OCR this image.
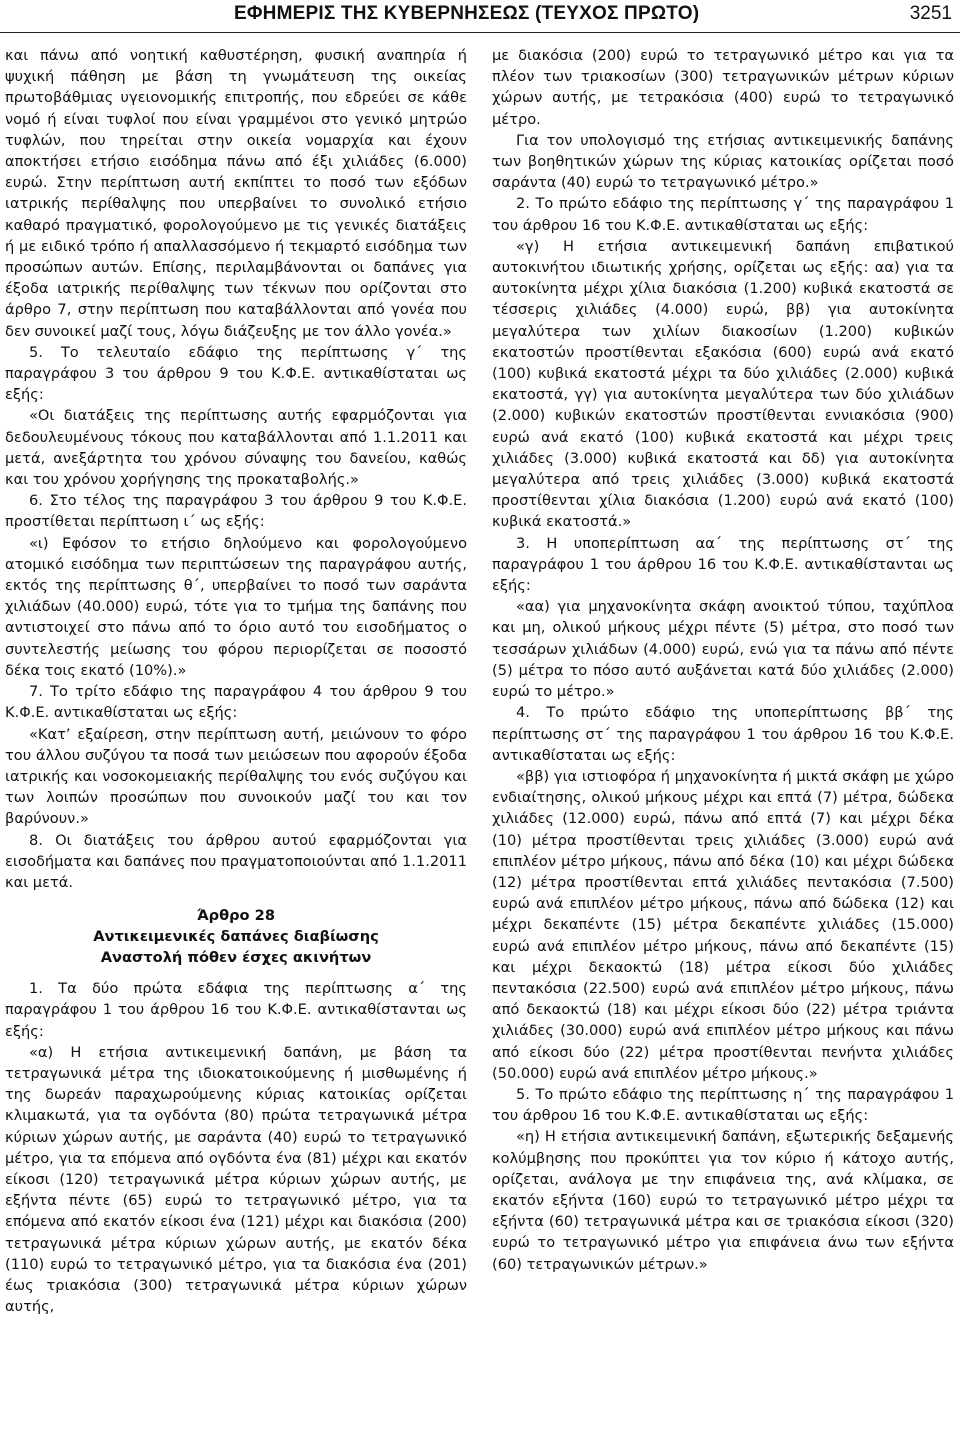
ΕΦΗΜΕΡΙΣ ΤΗΣ ΚΥΒΕΡΝΗΣΕΩΣ (ΤΕΥΧΟΣ ΠΡΩΤΟ)	3251

και πάνω από νοητική καθυστέρηση, φυσική αναπηρία ή ψυχική πάθηση με βάση τη γνωμάτευση της οικείας πρωτοβάθμιας υγειονομικής επιτροπής, που εδρεύει σε κάθε νομό ή είναι τυφλοί που είναι γραμμένοι στο γενικό μητρώο τυφλών, που τηρείται στην οικεία νομαρχία και έχουν αποκτήσει ετήσιο εισόδημα πάνω από έξι χιλιάδες (6.000) ευρώ. Στην περίπτωση αυτή εκπίπτει το ποσό των εξόδων ιατρικής περίθαλψης που υπερβαίνει το συνολικό ετήσιο καθαρό πραγματικό, φορολογούμενο με τις γενικές διατάξεις ή με ειδικό τρόπο ή απαλλασσόμενο ή τεκμαρτό εισόδημα των προσώπων αυτών. Επίσης, περιλαμβάνονται οι δαπάνες για έξοδα ιατρικής περίθαλψης των τέκνων που ορίζονται στο άρθρο 7, στην περίπτωση που καταβάλλονται από γονέα που δεν συνοικεί μαζί τους, λόγω διάζευξης με τον άλλο γονέα.»

5. Το τελευταίο εδάφιο της περίπτωσης γ΄ της παραγράφου 3 του άρθρου 9 του Κ.Φ.Ε. αντικαθίσταται ως εξής:

«Οι διατάξεις της περίπτωσης αυτής εφαρμόζονται για δεδουλευμένους τόκους που καταβάλλονται από 1.1.2011 και μετά, ανεξάρτητα του χρόνου σύναψης του δανείου, καθώς και του χρόνου χορήγησης της προκαταβολής.»

6. Στο τέλος της παραγράφου 3 του άρθρου 9 του Κ.Φ.Ε. προστίθεται περίπτωση ι΄ ως εξής:

«ι) Εφόσον το ετήσιο δηλούμενο και φορολογούμενο ατομικό εισόδημα των περιπτώσεων της παραγράφου αυτής, εκτός της περίπτωσης θ΄, υπερβαίνει το ποσό των σαράντα χιλιάδων (40.000) ευρώ, τότε για το τμήμα της δαπάνης που αντιστοιχεί στο πάνω από το όριο αυτό του εισοδήματος ο συντελεστής μείωσης του φόρου περιορίζεται σε ποσοστό δέκα τοις εκατό (10%).»

7. Το τρίτο εδάφιο της παραγράφου 4 του άρθρου 9 του Κ.Φ.Ε. αντικαθίσταται ως εξής:

«Κατ’ εξαίρεση, στην περίπτωση αυτή, μειώνουν το φόρο του άλλου συζύγου τα ποσά των μειώσεων που αφορούν έξοδα ιατρικής και νοσοκομειακής περίθαλψης του ενός συζύγου και των λοιπών προσώπων που συνοικούν μαζί του και τον βαρύνουν.»

8. Οι διατάξεις του άρθρου αυτού εφαρμόζονται για εισοδήματα και δαπάνες που πραγματοποιούνται από 1.1.2011 και μετά.

Άρθρο 28
Αντικειμενικές δαπάνες διαβίωσης
Αναστολή πόθεν έσχες ακινήτων

1. Τα δύο πρώτα εδάφια της περίπτωσης α΄ της παραγράφου 1 του άρθρου 16 του Κ.Φ.Ε. αντικαθίστανται ως εξής:

«α) Η ετήσια αντικειμενική δαπάνη, με βάση τα τετραγωνικά μέτρα της ιδιοκατοικούμενης ή μισθωμένης ή της δωρεάν παραχωρούμενης κύριας κατοικίας ορίζεται κλιμακωτά, για τα ογδόντα (80) πρώτα τετραγωνικά μέτρα κύριων χώρων αυτής, με σαράντα (40) ευρώ το τετραγωνικό μέτρο, για τα επόμενα από ογδόντα ένα (81) μέχρι και εκατόν είκοσι (120) τετραγωνικά μέτρα κύριων χώρων αυτής, με εξήντα πέντε (65) ευρώ το τετραγωνικό μέτρο, για τα επόμενα από εκατόν είκοσι ένα (121) μέχρι και διακόσια (200) τετραγωνικά μέτρα κύριων χώρων αυτής, με εκατόν δέκα (110) ευρώ το τετραγωνικό μέτρο, για τα διακόσια ένα (201) έως τριακόσια (300) τετραγωνικά μέτρα κύριων χώρων αυτής,

με διακόσια (200) ευρώ το τετραγωνικό μέτρο και για τα πλέον των τριακοσίων (300) τετραγωνικών μέτρων κύριων χώρων αυτής, με τετρακόσια (400) ευρώ το τετραγωνικό μέτρο.

Για τον υπολογισμό της ετήσιας αντικειμενικής δαπάνης των βοηθητικών χώρων της κύριας κατοικίας ορίζεται ποσό σαράντα (40) ευρώ το τετραγωνικό μέτρο.»

2. Το πρώτο εδάφιο της περίπτωσης γ΄ της παραγράφου 1 του άρθρου 16 του Κ.Φ.Ε. αντικαθίσταται ως εξής:

«γ) Η ετήσια αντικειμενική δαπάνη επιβατικού αυτοκινήτου ιδιωτικής χρήσης, ορίζεται ως εξής: αα) για τα αυτοκίνητα μέχρι χίλια διακόσια (1.200) κυβικά εκατοστά σε τέσσερις χιλιάδες (4.000) ευρώ, ββ) για αυτοκίνητα μεγαλύτερα των χιλίων διακοσίων (1.200) κυβικών εκατοστών προστίθενται εξακόσια (600) ευρώ ανά εκατό (100) κυβικά εκατοστά μέχρι τα δύο χιλιάδες (2.000) κυβικά εκατοστά, γγ) για αυτοκίνητα μεγαλύτερα των δύο χιλιάδων (2.000) κυβικών εκατοστών προστίθενται εννιακόσια (900) ευρώ ανά εκατό (100) κυβικά εκατοστά και μέχρι τρεις χιλιάδες (3.000) κυβικά εκατοστά και δδ) για αυτοκίνητα μεγαλύτερα από τρεις χιλιάδες (3.000) κυβικά εκατοστά προστίθενται χίλια διακόσια (1.200) ευρώ ανά εκατό (100) κυβικά εκατοστά.»

3. Η υποπερίπτωση αα΄ της περίπτωσης στ΄ της παραγράφου 1 του άρθρου 16 του Κ.Φ.Ε. αντικαθίστανται ως εξής:

«αα) για μηχανοκίνητα σκάφη ανοικτού τύπου, ταχύπλοα και μη, ολικού μήκους μέχρι πέντε (5) μέτρα, στο ποσό των τεσσάρων χιλιάδων (4.000) ευρώ, ενώ για τα πάνω από πέντε (5) μέτρα το πόσο αυτό αυξάνεται κατά δύο χιλιάδες (2.000) ευρώ το μέτρο.»

4. Το πρώτο εδάφιο της υποπερίπτωσης ββ΄ της περίπτωσης στ΄ της παραγράφου 1 του άρθρου 16 του Κ.Φ.Ε. αντικαθίσταται ως εξής:

«ββ) για ιστιοφόρα ή μηχανοκίνητα ή μικτά σκάφη με χώρο ενδιαίτησης, ολικού μήκους μέχρι και επτά (7) μέτρα, δώδεκα χιλιάδες (12.000) ευρώ, πάνω από επτά (7) και μέχρι δέκα (10) μέτρα προστίθενται τρεις χιλιάδες (3.000) ευρώ ανά επιπλέον μέτρο μήκους, πάνω από δέκα (10) και μέχρι δώδεκα (12) μέτρα προστίθενται επτά χιλιάδες πεντακόσια (7.500) ευρώ ανά επιπλέον μέτρο μήκους, πάνω από δώδεκα (12) και μέχρι δεκαπέντε (15) μέτρα δεκαπέντε χιλιάδες (15.000) ευρώ ανά επιπλέον μέτρο μήκους, πάνω από δεκαπέντε (15) και μέχρι δεκαοκτώ (18) μέτρα είκοσι δύο χιλιάδες πεντακόσια (22.500) ευρώ ανά επιπλέον μέτρο μήκους, πάνω από δεκαοκτώ (18) και μέχρι είκοσι δύο (22) μέτρα τριάντα χιλιάδες (30.000) ευρώ ανά επιπλέον μέτρο μήκους και πάνω από είκοσι δύο (22) μέτρα προστίθενται πενήντα χιλιάδες (50.000) ευρώ ανά επιπλέον μέτρο μήκους.»

5. Το πρώτο εδάφιο της περίπτωσης η΄ της παραγράφου 1 του άρθρου 16 του Κ.Φ.Ε. αντικαθίσταται ως εξής:

«η) Η ετήσια αντικειμενική δαπάνη, εξωτερικής δεξαμενής κολύμβησης που προκύπτει για τον κύριο ή κάτοχο αυτής, ορίζεται, ανάλογα με την επιφάνεια της, ανά κλίμακα, σε εκατόν εξήντα (160) ευρώ το τετραγωνικό μέτρο μέχρι τα εξήντα (60) τετραγωνικά μέτρα και σε τριακόσια είκοσι (320) ευρώ το τετραγωνικό μέτρο για επιφάνεια άνω των εξήντα (60) τετραγωνικών μέτρων.»
